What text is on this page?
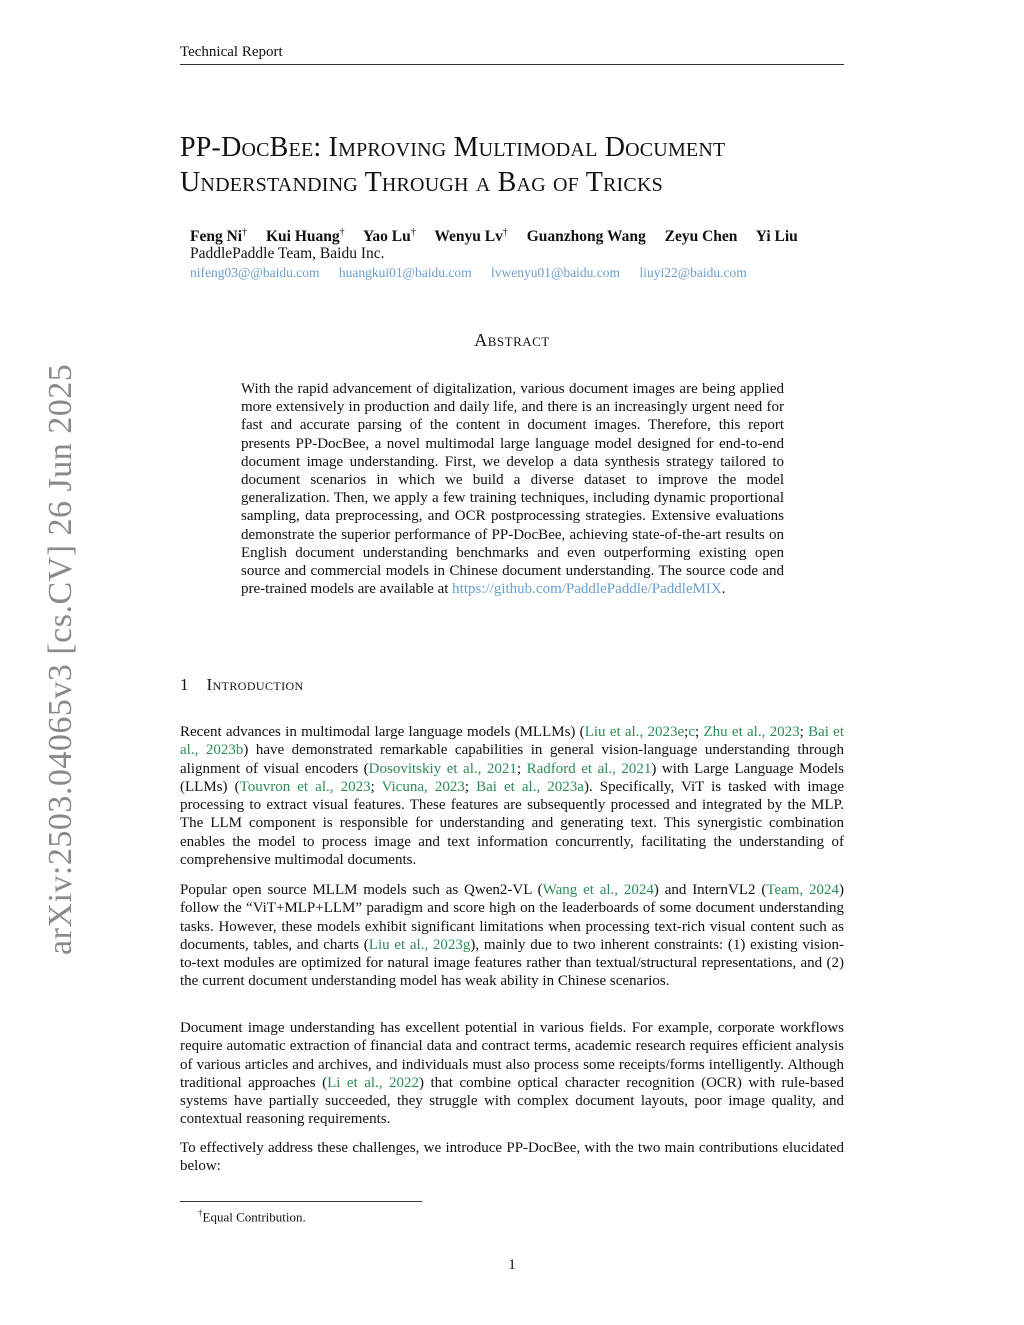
Technical Report
PP-DocBee: Improving Multimodal Document
Understanding Through a Bag of Tricks
Feng Ni† Kui Huang† Yao Lu† Wenyu Lv† Guanzhong Wang Zeyu Chen Yi Liu
PaddlePaddle Team, Baidu Inc.
nifeng03@@baidu.com huangkui01@baidu.com lvwenyu01@baidu.com liuyi22@baidu.com
Abstract
With the rapid advancement of digitalization, various document images are being applied more extensively in production and daily life, and there is an increasingly urgent need for fast and accurate parsing of the content in document images. Therefore, this report presents PP-DocBee, a novel multimodal large language model designed for end-to-end document image understanding. First, we develop a data synthesis strategy tailored to document scenarios in which we build a diverse dataset to improve the model generalization. Then, we apply a few training techniques, including dynamic proportional sampling, data preprocessing, and OCR postprocessing strategies. Extensive evaluations demonstrate the superior performance of PP-DocBee, achieving state-of-the-art results on English document understanding benchmarks and even outperforming existing open source and commercial models in Chinese document understanding. The source code and pre-trained models are available at https://github.com/PaddlePaddle/PaddleMIX.
arXiv:2503.04065v3 [cs.CV] 26 Jun 2025	1 Introduction
Recent advances in multimodal large language models (MLLMs) (Liu et al., 2023e;c; Zhu et al., 2023; Bai et al., 2023b) have demonstrated remarkable capabilities in general vision-language understanding through alignment of visual encoders (Dosovitskiy et al., 2021; Radford et al., 2021) with Large Language Models (LLMs) (Touvron et al., 2023; Vicuna, 2023; Bai et al., 2023a). Specifically, ViT is tasked with image processing to extract visual features. These features are subsequently processed and integrated by the MLP. The LLM component is responsible for understanding and generating text. This synergistic combination enables the model to process image and text information concurrently, facilitating the understanding of comprehensive multimodal documents.
Popular open source MLLM models such as Qwen2-VL (Wang et al., 2024) and InternVL2 (Team, 2024) follow the “ViT+MLP+LLM” paradigm and score high on the leaderboards of some document understanding tasks. However, these models exhibit significant limitations when processing text-rich visual content such as documents, tables, and charts (Liu et al., 2023g), mainly due to two inherent constraints: (1) existing vision-to-text modules are optimized for natural image features rather than textual/structural representations, and (2) the current document understanding model has weak ability in Chinese scenarios.
Document image understanding has excellent potential in various fields. For example, corporate workflows require automatic extraction of financial data and contract terms, academic research requires efficient analysis of various articles and archives, and individuals must also process some receipts/forms intelligently. Although traditional approaches (Li et al., 2022) that combine optical character recognition (OCR) with rule-based systems have partially succeeded, they struggle with complex document layouts, poor image quality, and contextual reasoning requirements.
To effectively address these challenges, we introduce PP-DocBee, with the two main contributions elucidated below:
†Equal Contribution.
1
